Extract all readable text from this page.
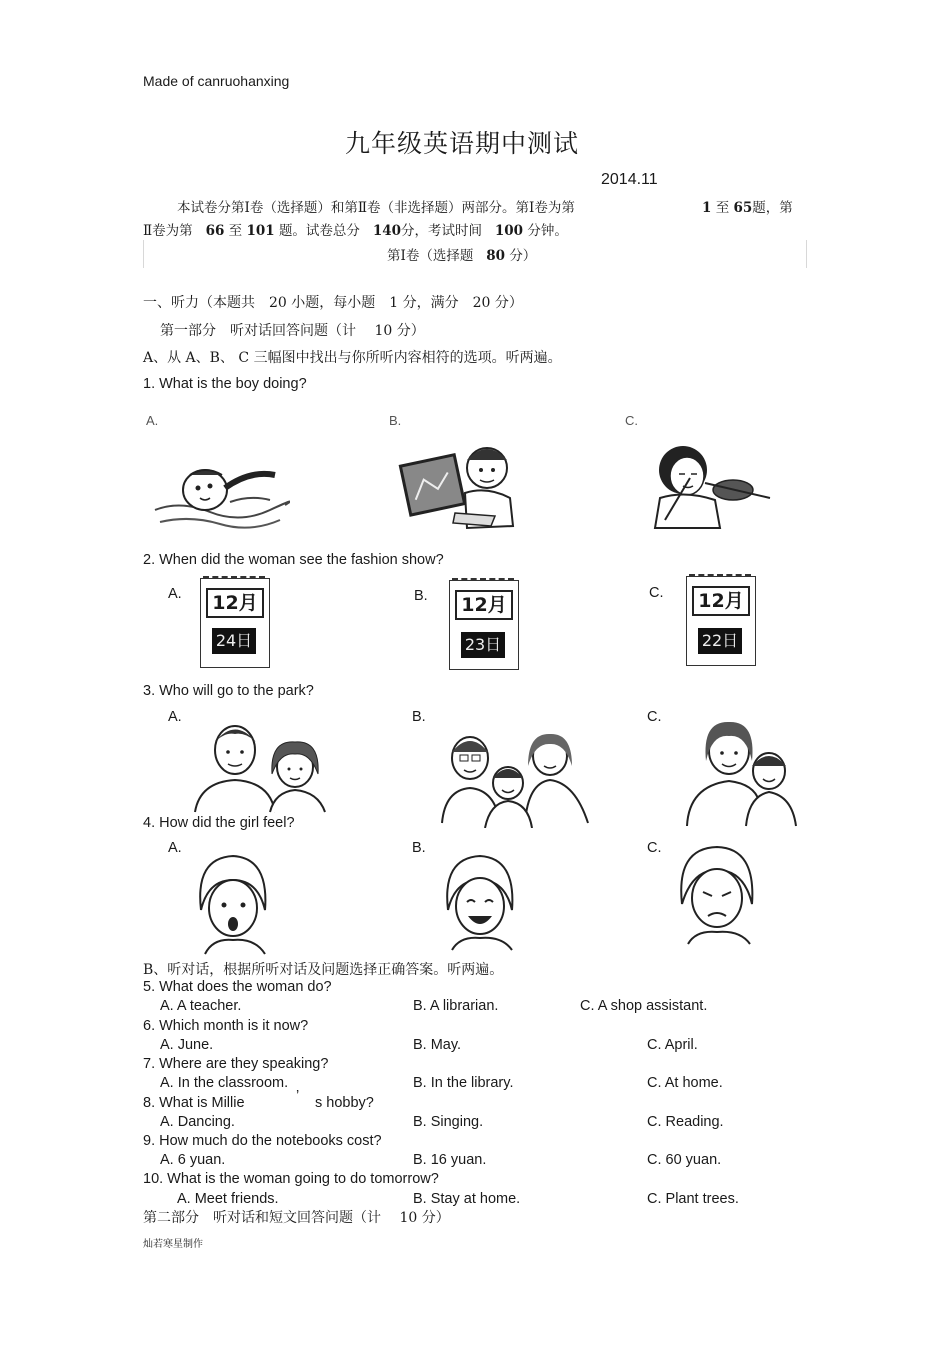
Made of canruohanxing
九年级英语期中测试
2014.11
本试卷分第Ⅰ卷（选择题）和第Ⅱ卷（非选择题）两部分。第Ⅰ卷为第	1 至 65题，第
Ⅱ卷为第 66 至 101 题。试卷总分 140分，考试时间 100 分钟。
第Ⅰ卷（选择题 80 分）
一、听力（本题共　20 小题，每小题　1 分，满分　20 分）
第一部分　听对话回答问题（计　 10 分）
A、从 A、B、 C 三幅图中找出与你所听内容相符的选项。听两遍。
1. What is the boy doing?
A.	B.	C.
2. When did the woman see the fashion show?
A.	B.	C.
12月
24日
12月
23日
12月
22日
3. Who will go to the park?
A.	B.	C.
4. How did the girl feel?
A.	B.	C.
B、听对话，根据所听对话及问题选择正确答案。听两遍。
5. What does the woman do?
A. A teacher.	B. A librarian.	C. A shop assistant.
6. Which month is it now?
A. June.	B. May.	C. April.
7. Where are they speaking?
A. In the classroom.	B. In the library.	C. At home.
8. What is Millie	’ s hobby?
A. Dancing.	B. Singing.	C. Reading.
9. How much do the notebooks cost?
A. 6 yuan.	B. 16 yuan.	C. 60 yuan.
10. What is the woman going to do tomorrow?
A. Meet friends.	B. Stay at home.	C. Plant trees.
第二部分　听对话和短文回答问题（计　 10 分）
灿若寒星制作
